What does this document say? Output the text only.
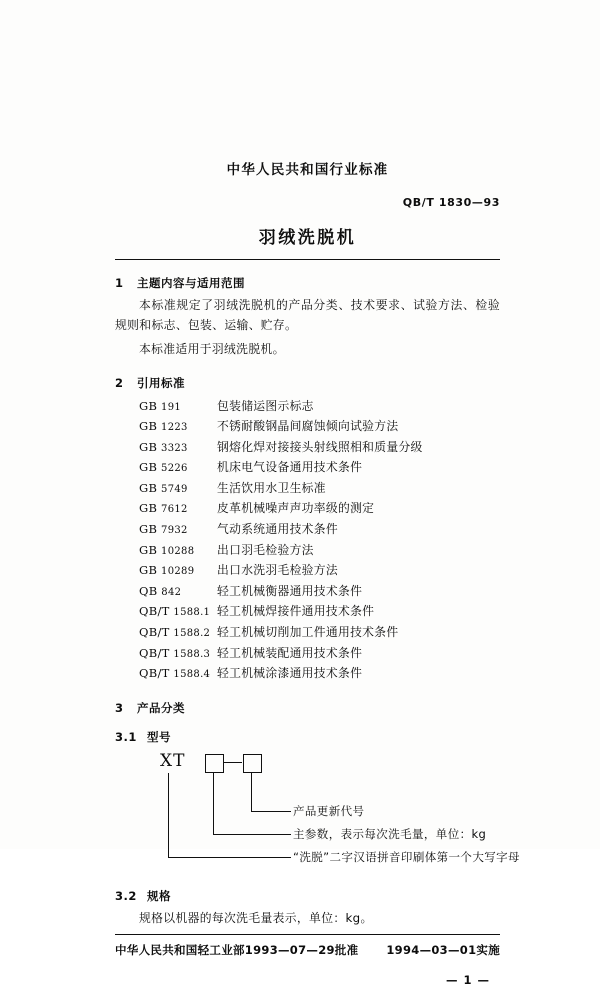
中华人民共和国行业标准
QB/T 1830—93
羽绒洗脱机
1 主题内容与适用范围

本标准规定了羽绒洗脱机的产品分类、技术要求、试验方法、检验规则和标志、包装、运输、贮存。

本标准适用于羽绒洗脱机。

2 引用标准
GB 191	包装储运图示标志
GB 1223 不锈耐酸钢晶间腐蚀倾向试验方法
GB 3323 钢熔化焊对接接头射线照相和质量分级
GB 5226 机床电气设备通用技术条件
GB 5749 生活饮用水卫生标准
GB 7612 皮革机械噪声声功率级的测定
GB 7932 气动系统通用技术条件
GB 10288 出口羽毛检验方法
GB 10289 出口水洗羽毛检验方法
QB 842	轻工机械衡器通用技术条件
QB/T 1588.1 轻工机械焊接件通用技术条件
QB/T 1588.2 轻工机械切削加工件通用技术条件
QB/T 1588.3 轻工机械装配通用技术条件
QB/T 1588.4 轻工机械涂漆通用技术条件
3 产品分类
3.1 型号
XT
产品更新代号
主参数，表示每次洗毛量，单位：kg
“洗脱”二字汉语拼音印刷体第一个大写字母
3.2 规格

规格以机器的每次洗毛量表示，单位：kg。

中华人民共和国轻工业部1993—07—29批准 1994—03—01实施
— 1 —
